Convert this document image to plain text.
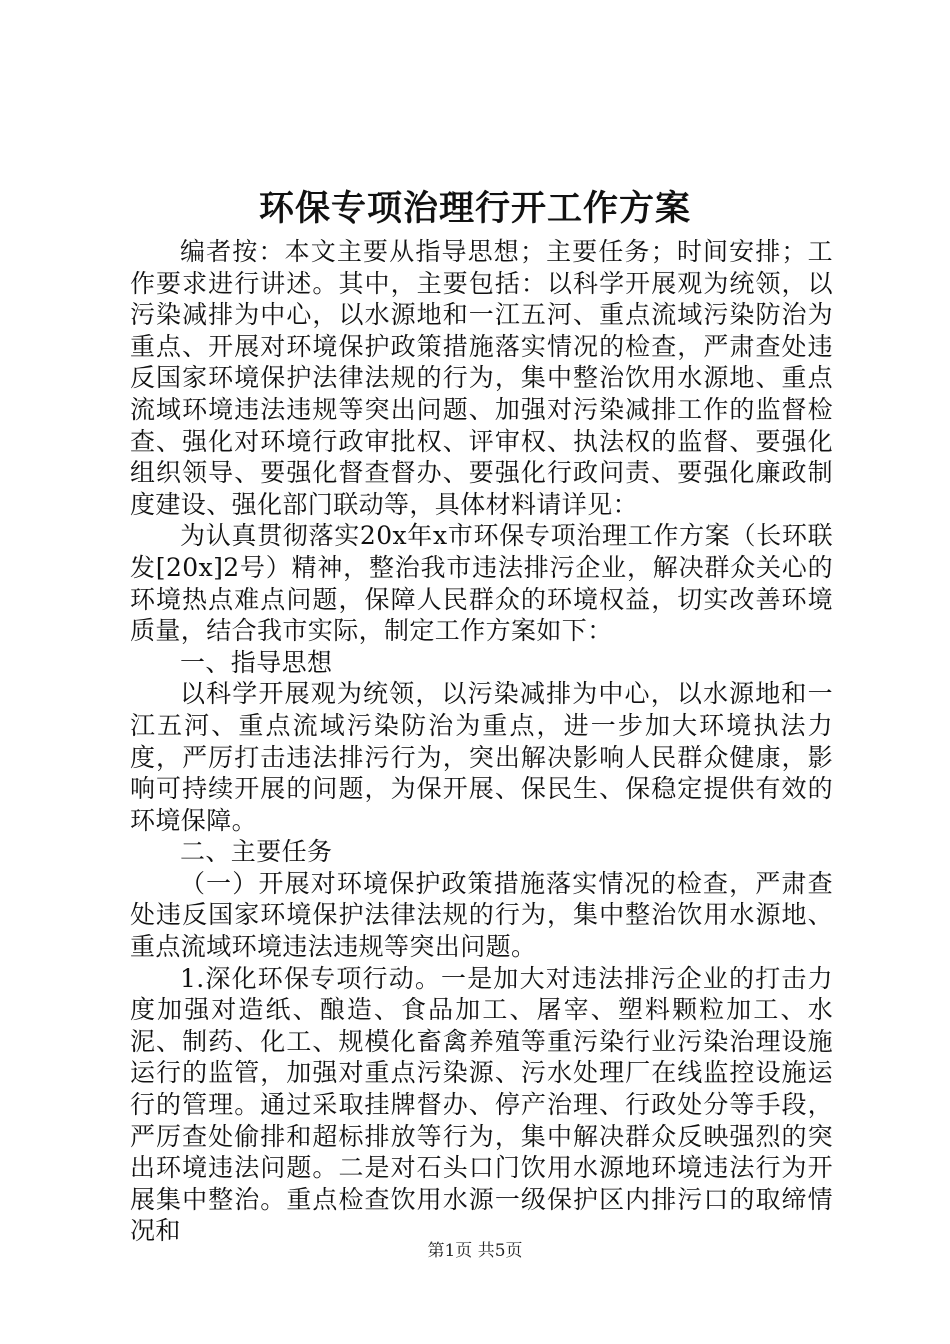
环保专项治理行开工作方案

编者按：本文主要从指导思想；主要任务；时间安排；工作要求进行讲述。其中，主要包括：以科学开展观为统领，以污染减排为中心，以水源地和一江五河、重点流域污染防治为重点、开展对环境保护政策措施落实情况的检查，严肃查处违反国家环境保护法律法规的行为，集中整治饮用水源地、重点流域环境违法违规等突出问题、加强对污染减排工作的监督检查、强化对环境行政审批权、评审权、执法权的监督、要强化组织领导、要强化督查督办、要强化行政问责、要强化廉政制度建设、强化部门联动等，具体材料请详见：

为认真贯彻落实20x年x市环保专项治理工作方案（长环联发[20x]2号）精神，整治我市违法排污企业，解决群众关心的环境热点难点问题，保障人民群众的环境权益，切实改善环境质量，结合我市实际，制定工作方案如下：

一、指导思想

以科学开展观为统领，以污染减排为中心，以水源地和一江五河、重点流域污染防治为重点，进一步加大环境执法力度，严厉打击违法排污行为，突出解决影响人民群众健康，影响可持续开展的问题，为保开展、保民生、保稳定提供有效的环境保障。

二、主要任务

（一）开展对环境保护政策措施落实情况的检查，严肃查处违反国家环境保护法律法规的行为，集中整治饮用水源地、重点流域环境违法违规等突出问题。

1.深化环保专项行动。一是加大对违法排污企业的打击力度加强对造纸、酿造、食品加工、屠宰、塑料颗粒加工、水泥、制药、化工、规模化畜禽养殖等重污染行业污染治理设施运行的监管，加强对重点污染源、污水处理厂在线监控设施运行的管理。通过采取挂牌督办、停产治理、行政处分等手段，严厉查处偷排和超标排放等行为，集中解决群众反映强烈的突出环境违法问题。二是对石头口门饮用水源地环境违法行为开展集中整治。重点检查饮用水源一级保护区内排污口的取缔情况和

第1页 共5页
